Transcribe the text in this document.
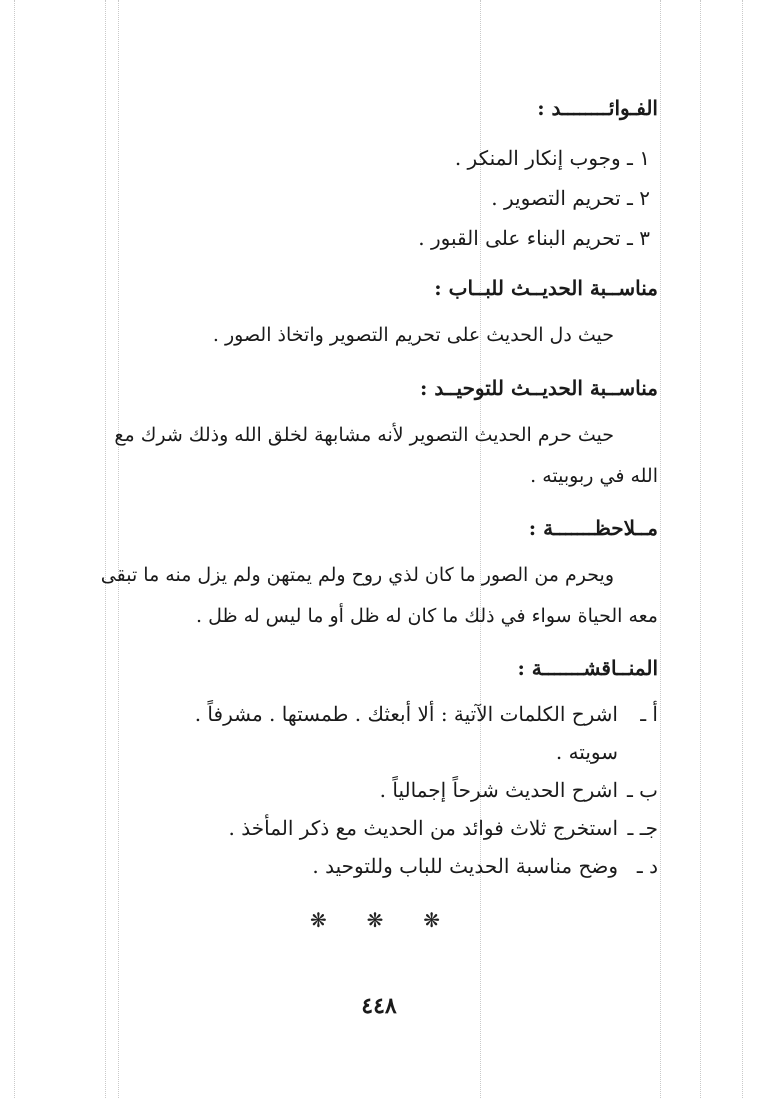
الفـوائــــــــد :
١ ـ وجوب إنكار المنكر .
٢ ـ تحريم التصوير .
٣ ـ تحريم البناء على القبور .
مناســبة الحديــث للبــاب :
حيث دل الحديث على تحريم التصوير واتخاذ الصور .
مناســبة الحديــث للتوحيــد :
حيث حرم الحديث التصوير لأنه مشابهة لخلق الله وذلك شرك مع
الله في ربوبيته .
مــلاحظـــــــة :
ويحرم من الصور ما كان لذي روح ولم يمتهن ولم يزل منه ما تبقى
معه الحياة سواء في ذلك ما كان له ظل أو ما ليس له ظل .
المنــاقشـــــــة :
أ ـ
اشرح الكلمات الآتية : ألا أبعثك . طمستها . مشرفاً .
سويته .
ب ـ
اشرح الحديث شرحاً إجمالياً .
جـ ـ
استخرج ثلاث فوائد من الحديث مع ذكر المأخذ .
د ـ
وضح مناسبة الحديث للباب وللتوحيد .
❋ ❋ ❋
٤٤٨
